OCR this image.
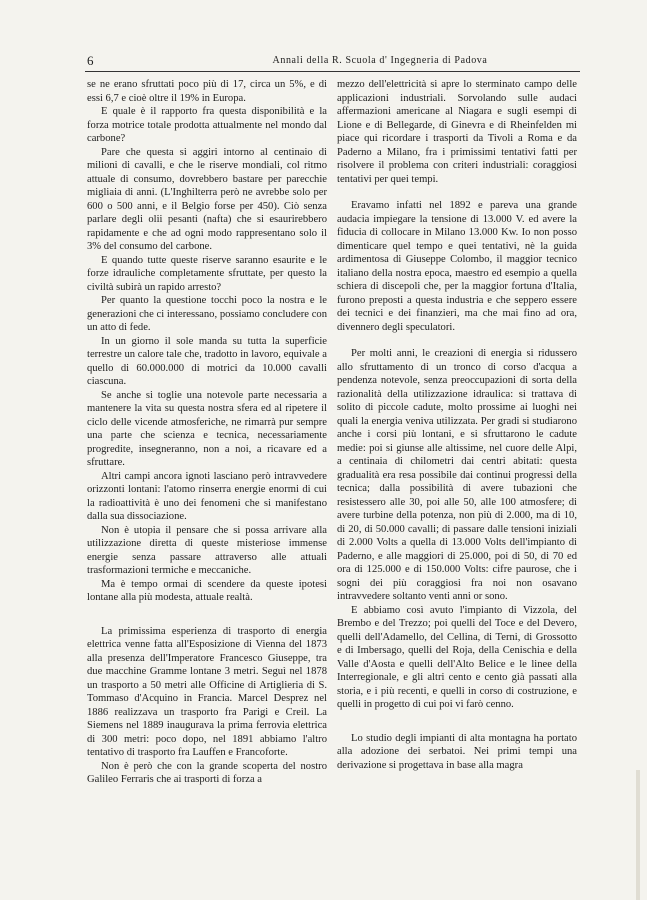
6	Annali della R. Scuola d' Ingegneria di Padova

se ne erano sfruttati poco più di 17, circa un 5%, e di essi 6,7 e cioè oltre il 19% in Europa.

E quale è il rapporto fra questa disponibilità e la forza motrice totale prodotta attualmente nel mondo dal carbone?

Pare che questa si aggiri intorno al centinaio di milioni di cavalli, e che le riserve mondiali, col ritmo attuale di consumo, dovrebbero bastare per parecchie migliaia di anni. (L'Inghilterra però ne avrebbe solo per 600 o 500 anni, e il Belgio forse per 450). Ciò senza parlare degli olii pesanti (nafta) che si esaurirebbero rapidamente e che ad ogni modo rappresentano solo il 3% del consumo del carbone.

E quando tutte queste riserve saranno esaurite e le forze idrauliche completamente sfruttate, per questo la civiltà subirà un rapido arresto?

Per quanto la questione tocchi poco la nostra e le generazioni che ci interessano, possiamo concludere con un atto di fede.

In un giorno il sole manda su tutta la superficie terrestre un calore tale che, tradotto in lavoro, equivale a quello di 60.000.000 di motrici da 10.000 cavalli ciascuna.

Se anche si toglie una notevole parte necessaria a mantenere la vita su questa nostra sfera ed al ripetere il ciclo delle vicende atmosferiche, ne rimarrà pur sempre una parte che scienza e tecnica, necessariamente progredite, insegneranno, non a noi, a ricavare ed a sfruttare.

Altri campi ancora ignoti lasciano però intravvedere orizzonti lontani: l'atomo rinserra energie enormi di cui la radioattività è uno dei fenomeni che si manifestano dalla sua dissociazione.

Non è utopia il pensare che si possa arrivare alla utilizzazione diretta di queste misteriose immense energie senza passare attraverso alle attuali trasformazioni termiche e meccaniche.

Ma è tempo ormai di scendere da queste ipotesi lontane alla più modesta, attuale realtà.

La primissima esperienza di trasporto di energia elettrica venne fatta all'Esposizione di Vienna del 1873 alla presenza dell'Imperatore Francesco Giuseppe, tra due macchine Gramme lontane 3 metri. Seguì nel 1878 un trasporto a 50 metri alle Officine di Artiglieria di S. Tommaso d'Acquino in Francia. Marcel Desprez nel 1886 realizzava un trasporto fra Parigi e Creil. La Siemens nel 1889 inaugurava la prima ferrovia elettrica di 300 metri: poco dopo, nel 1891 abbiamo l'altro tentativo di trasporto fra Lauffen e Francoforte.

Non è però che con la grande scoperta del nostro Galileo Ferraris che ai trasporti di forza a

mezzo dell'elettricità si apre lo sterminato campo delle applicazioni industriali. Sorvolando sulle audaci affermazioni americane al Niagara e sugli esempi di Lione e di Bellegarde, di Ginevra e di Rheinfelden mi piace qui ricordare i trasporti da Tivoli a Roma e da Paderno a Milano, fra i primissimi tentativi fatti per risolvere il problema con criteri industriali: coraggiosi tentativi per quei tempi.

Eravamo infatti nel 1892 e pareva una grande audacia impiegare la tensione di 13.000 V. ed avere la fiducia di collocare in Milano 13.000 Kw. Io non posso dimenticare quel tempo e quei tentativi, nè la guida ardimentosa di Giuseppe Colombo, il maggior tecnico italiano della nostra epoca, maestro ed esempio a quella schiera di discepoli che, per la maggior fortuna d'Italia, furono preposti a questa industria e che seppero essere dei tecnici e dei finanzieri, ma che mai fino ad ora, divennero degli speculatori.

Per molti anni, le creazioni di energia si ridussero allo sfruttamento di un tronco di corso d'acqua a pendenza notevole, senza preoccupazioni di sorta della razionalità della utilizzazione idraulica: si trattava di solito di piccole cadute, molto prossime ai luoghi nei quali la energia veniva utilizzata. Per gradi si studiarono anche i corsi più lontani, e si sfruttarono le cadute medie: poi si giunse alle altissime, nel cuore delle Alpi, a centinaia di chilometri dai centri abitati: questa gradualità era resa possibile dai continui progressi della tecnica; dalla possibilità di avere tubazioni che resistessero alle 30, poi alle 50, alle 100 atmosfere; di avere turbine della potenza, non più di 2.000, ma di 10, di 20, di 50.000 cavalli; di passare dalle tensioni iniziali di 2.000 Volts a quella di 13.000 Volts dell'impianto di Paderno, e alle maggiori di 25.000, poi di 50, di 70 ed ora di 125.000 e di 150.000 Volts: cifre paurose, che i sogni dei più coraggiosi fra noi non osavano intravvedere soltanto venti anni or sono.

E abbiamo così avuto l'impianto di Vizzola, del Brembo e del Trezzo; poi quelli del Toce e del Devero, quelli dell'Adamello, del Cellina, di Terni, di Grossotto e di Imbersago, quelli del Roja, della Cenischia e della Valle d'Aosta e quelli dell'Alto Belice e le linee della Interregionale, e gli altri cento e cento già passati alla storia, e i più recenti, e quelli in corso di costruzione, e quelli in progetto di cui poi vi farò cenno.

Lo studio degli impianti di alta montagna ha portato alla adozione dei serbatoi. Nei primi tempi una derivazione si progettava in base alla magra
